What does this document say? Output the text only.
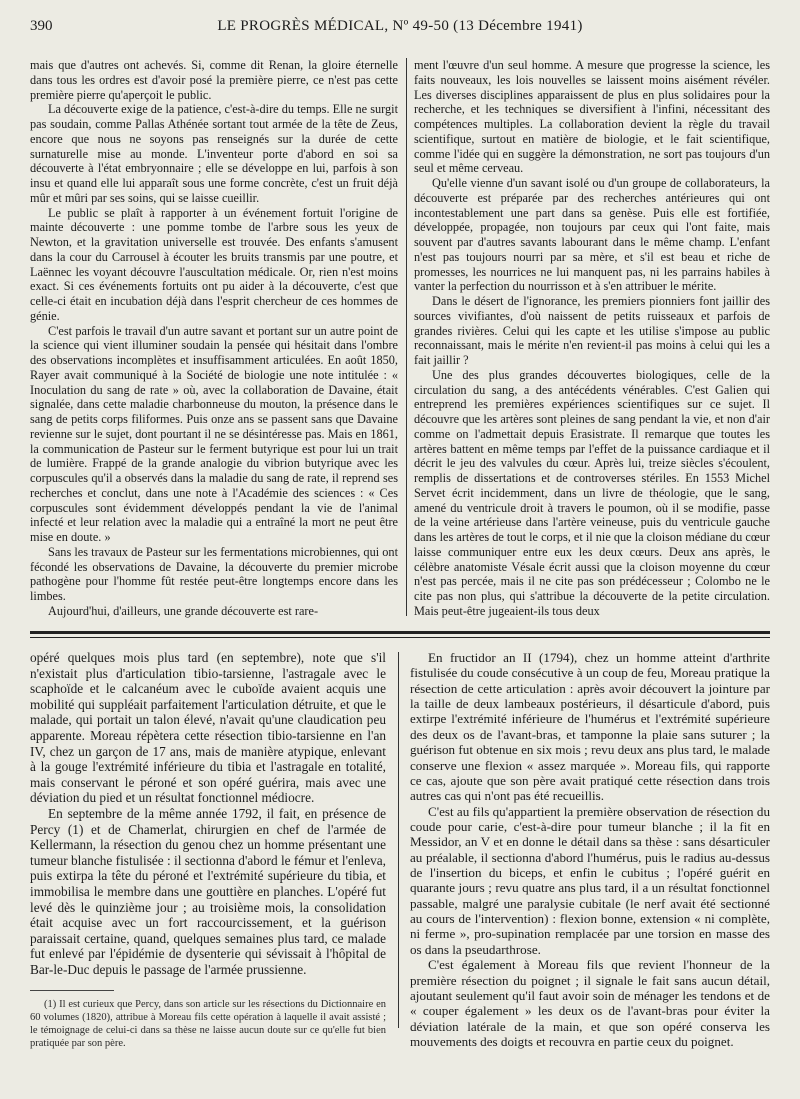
390	LE PROGRÈS MÉDICAL, Nº 49-50 (13 Décembre 1941)

mais que d'autres ont achevés. Si, comme dit Renan, la gloire éternelle dans tous les ordres est d'avoir posé la première pierre, ce n'est pas cette première pierre qu'aperçoit le public.

La découverte exige de la patience, c'est-à-dire du temps. Elle ne surgit pas soudain, comme Pallas Athénée sortant tout armée de la tête de Zeus, encore que nous ne soyons pas renseignés sur la durée de cette surnaturelle mise au monde. L'inventeur porte d'abord en soi sa découverte à l'état embryonnaire ; elle se développe en lui, parfois à son insu et quand elle lui apparaît sous une forme concrète, c'est un fruit déjà mûr et mûri par ses soins, qui se laisse cueillir.

Le public se plaît à rapporter à un événement fortuit l'origine de mainte découverte : une pomme tombe de l'arbre sous les yeux de Newton, et la gravitation universelle est trouvée. Des enfants s'amusent dans la cour du Carrousel à écouter les bruits transmis par une poutre, et Laënnec les voyant découvre l'auscultation médicale. Or, rien n'est moins exact. Si ces événements fortuits ont pu aider à la découverte, c'est que celle-ci était en incubation déjà dans l'esprit chercheur de ces hommes de génie.

C'est parfois le travail d'un autre savant et portant sur un autre point de la science qui vient illuminer soudain la pensée qui hésitait dans l'ombre des observations incomplètes et insuffisamment articulées. En août 1850, Rayer avait communiqué à la Société de biologie une note intitulée : « Inoculation du sang de rate » où, avec la collaboration de Davaine, était signalée, dans cette maladie charbonneuse du mouton, la présence dans le sang de petits corps filiformes. Puis onze ans se passent sans que Davaine revienne sur le sujet, dont pourtant il ne se désintéresse pas. Mais en 1861, la communication de Pasteur sur le ferment butyrique est pour lui un trait de lumière. Frappé de la grande analogie du vibrion butyrique avec les corpuscules qu'il a observés dans la maladie du sang de rate, il reprend ses recherches et conclut, dans une note à l'Académie des sciences : « Ces corpuscules sont évidemment développés pendant la vie de l'animal infecté et leur relation avec la maladie qui a entraîné la mort ne peut être mise en doute. »

Sans les travaux de Pasteur sur les fermentations microbiennes, qui ont fécondé les observations de Davaine, la découverte du premier microbe pathogène pour l'homme fût restée peut-être longtemps encore dans les limbes.

Aujourd'hui, d'ailleurs, une grande découverte est rare-

ment l'œuvre d'un seul homme. A mesure que progresse la science, les faits nouveaux, les lois nouvelles se laissent moins aisément révéler. Les diverses disciplines apparaissent de plus en plus solidaires pour la recherche, et les techniques se diversifient à l'infini, nécessitant des compétences multiples. La collaboration devient la règle du travail scientifique, surtout en matière de biologie, et le fait scientifique, comme l'idée qui en suggère la démonstration, ne sort pas toujours d'un seul et même cerveau.

Qu'elle vienne d'un savant isolé ou d'un groupe de collaborateurs, la découverte est préparée par des recherches antérieures qui ont incontestablement une part dans sa genèse. Puis elle est fortifiée, développée, propagée, non toujours par ceux qui l'ont faite, mais souvent par d'autres savants labourant dans le même champ. L'enfant n'est pas toujours nourri par sa mère, et s'il est beau et riche de promesses, les nourrices ne lui manquent pas, ni les parrains habiles à vanter la perfection du nourrisson et à s'en attribuer le mérite.

Dans le désert de l'ignorance, les premiers pionniers font jaillir des sources vivifiantes, d'où naissent de petits ruisseaux et parfois de grandes rivières. Celui qui les capte et les utilise s'impose au public reconnaissant, mais le mérite n'en revient-il pas moins à celui qui les a fait jaillir ?

Une des plus grandes découvertes biologiques, celle de la circulation du sang, a des antécédents vénérables. C'est Galien qui entreprend les premières expériences scientifiques sur ce sujet. Il découvre que les artères sont pleines de sang pendant la vie, et non d'air comme on l'admettait depuis Erasistrate. Il remarque que toutes les artères battent en même temps par l'effet de la puissance cardiaque et il décrit le jeu des valvules du cœur. Après lui, treize siècles s'écoulent, remplis de dissertations et de controverses stériles. En 1553 Michel Servet écrit incidemment, dans un livre de théologie, que le sang, amené du ventricule droit à travers le poumon, où il se modifie, passe de la veine artérieuse dans l'artère veineuse, puis du ventricule gauche dans les artères de tout le corps, et il nie que la cloison médiane du cœur laisse communiquer entre eux les deux cœurs. Deux ans après, le célèbre anatomiste Vésale écrit aussi que la cloison moyenne du cœur n'est pas percée, mais il ne cite pas son prédécesseur ; Colombo ne le cite pas non plus, qui s'attribue la découverte de la petite circulation. Mais peut-être jugeaient-ils tous deux

opéré quelques mois plus tard (en septembre), note que s'il n'existait plus d'articulation tibio-tarsienne, l'astragale avec le scaphoïde et le calcanéum avec le cuboïde avaient acquis une mobilité qui suppléait parfaitement l'articulation détruite, et que le malade, qui portait un talon élevé, n'avait qu'une claudication peu apparente. Moreau répètera cette résection tibio-tarsienne en l'an IV, chez un garçon de 17 ans, mais de manière atypique, enlevant à la gouge l'extrémité inférieure du tibia et l'astragale en totalité, mais conservant le péroné et son opéré guérira, mais avec une déviation du pied et un résultat fonctionnel médiocre.

En septembre de la même année 1792, il fait, en présence de Percy (1) et de Chamerlat, chirurgien en chef de l'armée de Kellermann, la résection du genou chez un homme présentant une tumeur blanche fistulisée : il sectionna d'abord le fémur et l'enleva, puis extirpa la tête du péroné et l'extrémité supérieure du tibia, et immobilisa le membre dans une gouttière en planches. L'opéré fut levé dès le quinzième jour ; au troisième mois, la consolidation était acquise avec un fort raccourcissement, et la guérison paraissait certaine, quand, quelques semaines plus tard, ce malade fut enlevé par l'épidémie de dysenterie qui sévissait à l'hôpital de Bar-le-Duc depuis le passage de l'armée prussienne.

En fructidor an II (1794), chez un homme atteint d'arthrite fistulisée du coude consécutive à un coup de feu, Moreau pratique la résection de cette articulation : après avoir découvert la jointure par la taille de deux lambeaux postérieurs, il désarticule d'abord, puis extirpe l'extrémité inférieure de l'humérus et l'extrémité supérieure des deux os de l'avant-bras, et tamponne la plaie sans suturer ; la guérison fut obtenue en six mois ; revu deux ans plus tard, le malade conserve une flexion « assez marquée ». Moreau fils, qui rapporte ce cas, ajoute que son père avait pratiqué cette résection dans trois autres cas qui n'ont pas été recueillis.

C'est au fils qu'appartient la première observation de résection du coude pour carie, c'est-à-dire pour tumeur blanche ; il la fit en Messidor, an V et en donne le détail dans sa thèse : sans désarticuler au préalable, il sectionna d'abord l'humérus, puis le radius au-dessus de l'insertion du biceps, et enfin le cubitus ; l'opéré guérit en quarante jours ; revu quatre ans plus tard, il a un résultat fonctionnel passable, malgré une paralysie cubitale (le nerf avait été sectionné au cours de l'intervention) : flexion bonne, extension « ni complète, ni ferme », pro-supination remplacée par une torsion en masse des os dans la pseudarthrose.

C'est également à Moreau fils que revient l'honneur de la première résection du poignet ; il signale le fait sans aucun détail, ajoutant seulement qu'il faut avoir soin de ménager les tendons et de « couper également » les deux os de l'avant-bras pour éviter la déviation latérale de la main, et que son opéré conserva les mouvements des doigts et recouvra en partie ceux du poignet.

(1) Il est curieux que Percy, dans son article sur les résections du Dictionnaire en 60 volumes (1820), attribue à Moreau fils cette opération à laquelle il avait assisté ; le témoignage de celui-ci dans sa thèse ne laisse aucun doute sur ce qu'elle fut bien pratiquée par son père.
